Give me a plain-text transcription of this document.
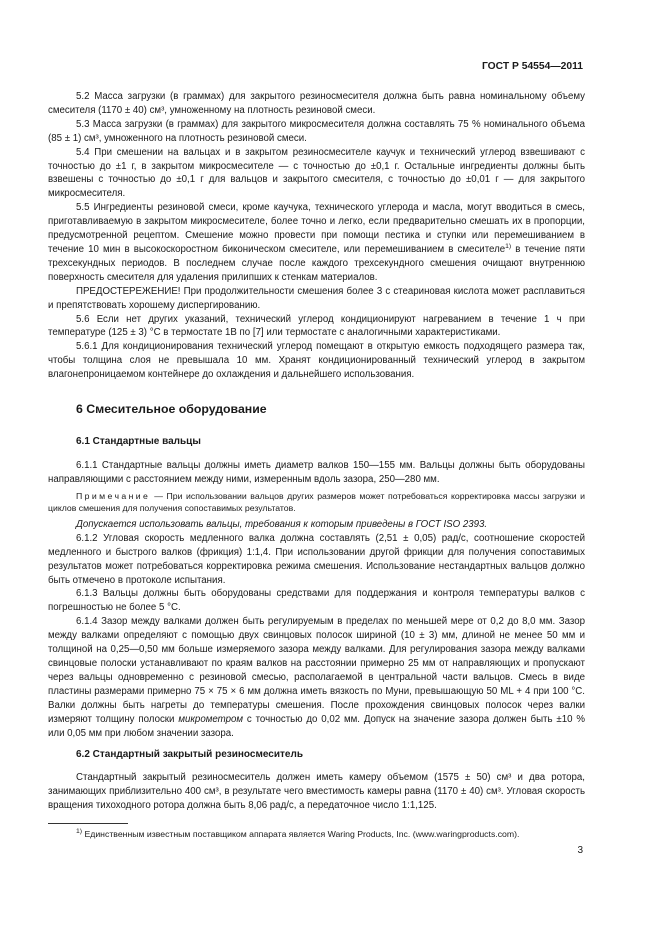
ГОСТ Р 54554—2011

5.2 Масса загрузки (в граммах) для закрытого резиносмесителя должна быть равна номинальному объему смесителя (1170 ± 40) см³, умноженному на плотность резиновой смеси.

5.3 Масса загрузки (в граммах) для закрытого микросмесителя должна составлять 75 % номинального объема (85 ± 1) см³, умноженного на плотность резиновой смеси.

5.4 При смешении на вальцах и в закрытом резиносмесителе каучук и технический углерод взвешивают с точностью до ±1 г, в закрытом микросмесителе — с точностью до ±0,1 г. Остальные ингредиенты должны быть взвешены с точностью до ±0,1 г для вальцов и закрытого смесителя, с точностью до ±0,01 г — для закрытого микросмесителя.

5.5 Ингредиенты резиновой смеси, кроме каучука, технического углерода и масла, могут вводиться в смесь, приготавливаемую в закрытом микросмесителе, более точно и легко, если предварительно смешать их в пропорции, предусмотренной рецептом. Смешение можно провести при помощи пестика и ступки или перемешиванием в течение 10 мин в высокоскоростном биконическом смесителе, или перемешиванием в смесителе$^{1)}$ в течение пяти трехсекундных периодов. В последнем случае после каждого трехсекундного смешения очищают внутреннюю поверхность смесителя для удаления прилипших к стенкам материалов.

ПРЕДОСТЕРЕЖЕНИЕ! При продолжительности смешения более 3 с стеариновая кислота может расплавиться и препятствовать хорошему диспергированию.

5.6 Если нет других указаний, технический углерод кондиционируют нагреванием в течение 1 ч при температуре (125 ± 3) °С в термостате 1В по [7] или термостате с аналогичными характеристиками.

5.6.1 Для кондиционирования технический углерод помещают в открытую емкость подходящего размера так, чтобы толщина слоя не превышала 10 мм. Хранят кондиционированный технический углерод в закрытом влагонепроницаемом контейнере до охлаждения и дальнейшего использования.

6 Смесительное оборудование
6.1 Стандартные вальцы

6.1.1 Стандартные вальцы должны иметь диаметр валков 150—155 мм. Вальцы должны быть оборудованы направляющими с расстоянием между ними, измеренным вдоль зазора, 250—280 мм.

Примечание — При использовании вальцов других размеров может потребоваться корректировка массы загрузки и циклов смешения для получения сопоставимых результатов.

Допускается использовать вальцы, требования к которым приведены в ГОСТ ISO 2393.

6.1.2 Угловая скорость медленного валка должна составлять (2,51 ± 0,05) рад/с, соотношение скоростей медленного и быстрого валков (фрикция) 1:1,4. При использовании другой фрикции для получения сопоставимых результатов может потребоваться корректировка режима смешения. Использование нестандартных вальцов должно быть отмечено в протоколе испытания.

6.1.3 Вальцы должны быть оборудованы средствами для поддержания и контроля температуры валков с погрешностью не более 5 °С.

6.1.4 Зазор между валками должен быть регулируемым в пределах по меньшей мере от 0,2 до 8,0 мм. Зазор между валками определяют с помощью двух свинцовых полосок шириной (10 ± 3) мм, длиной не менее 50 мм и толщиной на 0,25—0,50 мм больше измеряемого зазора между валками. Для регулирования зазора между валками свинцовые полоски устанавливают по краям валков на расстоянии примерно 25 мм от направляющих и пропускают через вальцы одновременно с резиновой смесью, располагаемой в центральной части вальцов. Смесь в виде пластины размерами примерно 75 × 75 × 6 мм должна иметь вязкость по Муни, превышающую 50 ML + 4 при 100 °С. Валки должны быть нагреты до температуры смешения. После прохождения свинцовых полосок через валки измеряют толщину полоски микрометром с точностью до 0,02 мм. Допуск на значение зазора должен быть ±10 % или 0,05 мм при любом значении зазора.

6.2 Стандартный закрытый резиносмеситель

Стандартный закрытый резиносмеситель должен иметь камеру объемом (1575 ± 50) см³ и два ротора, занимающих приблизительно 400 см³, в результате чего вместимость камеры равна (1170 ± 40) см³. Угловая скорость вращения тихоходного ротора должна быть 8,06 рад/с, а передаточное число 1:1,125.

$^{1)}$ Единственным известным поставщиком аппарата является Waring Products, Inc. (www.waringproducts.com).
3
